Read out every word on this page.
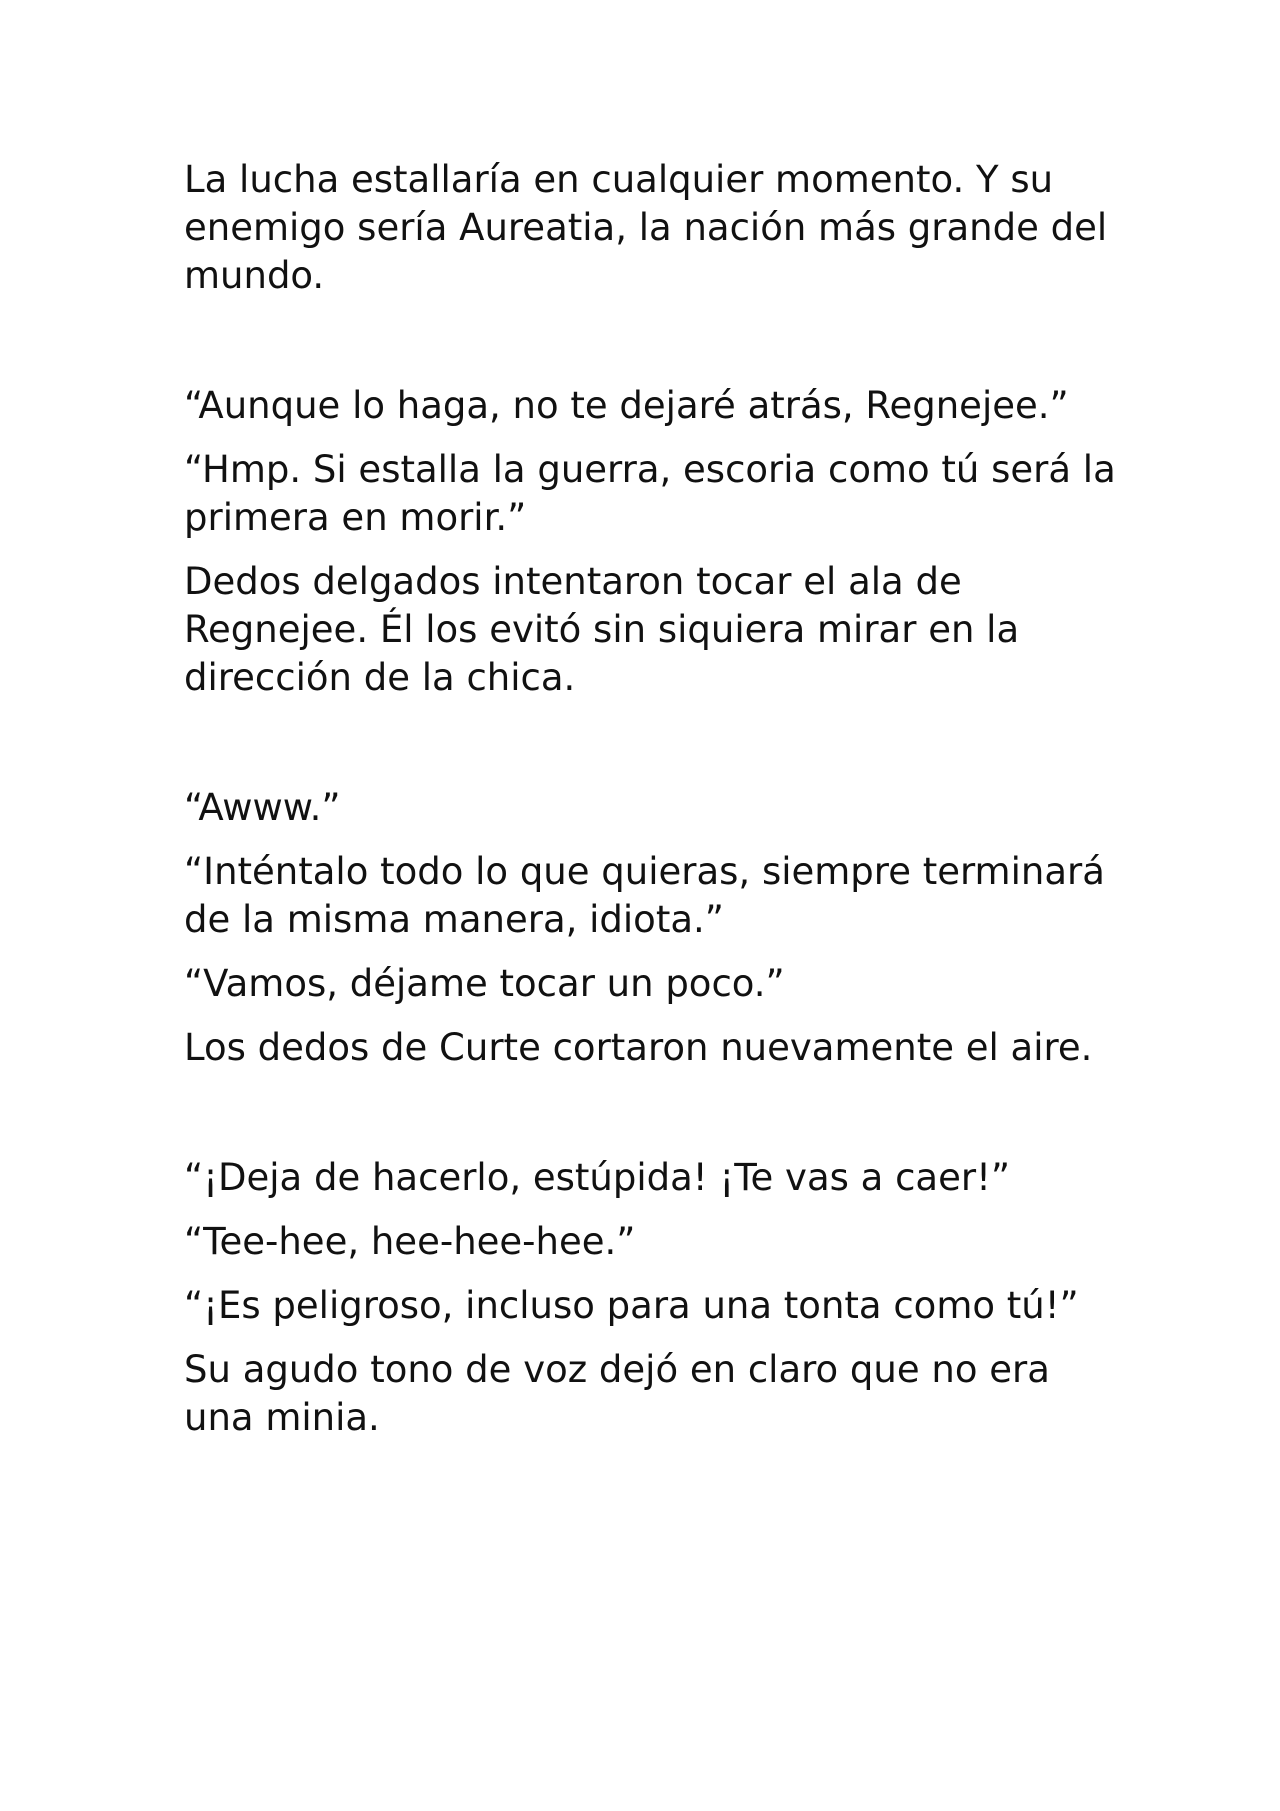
La lucha estallaría en cualquier momento. Y su enemigo sería Aureatia, la nación más grande del mundo.

“Aunque lo haga, no te dejaré atrás, Regnejee.”

“Hmp. Si estalla la guerra, escoria como tú será la primera en morir.”

Dedos delgados intentaron tocar el ala de Regnejee. Él los evitó sin siquiera mirar en la dirección de la chica.

“Awww.”

“Inténtalo todo lo que quieras, siempre terminará de la misma manera, idiota.”

“Vamos, déjame tocar un poco.”

Los dedos de Curte cortaron nuevamente el aire.

“¡Deja de hacerlo, estúpida! ¡Te vas a caer!”

“Tee-hee, hee-hee-hee.”

“¡Es peligroso, incluso para una tonta como tú!”

Su agudo tono de voz dejó en claro que no era una minia.
